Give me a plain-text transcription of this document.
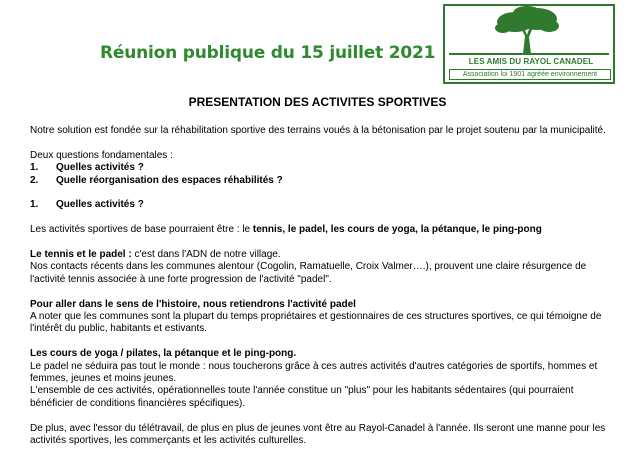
Réunion publique du 15 juillet 2021	LES AMIS DU RAYOL CANADEL
Association loi 1901 agréée environnement
PRESENTATION DES ACTIVITES SPORTIVES

Notre solution est fondée sur la réhabilitation sportive des terrains voués à la bétonisation par le projet soutenu par la municipalité.

Deux questions fondamentales :
1.	Quelles activités ?
2.	Quelle réorganisation des espaces réhabilités ?
1.	Quelles activités ?

Les activités sportives de base pourraient être : le tennis, le padel, les cours de yoga, la pétanque, le ping-pong

Le tennis et le padel : c'est dans l'ADN de notre village.
Nos contacts récents dans les communes alentour (Cogolin, Ramatuelle, Croix Valmer….), prouvent une claire résurgence de l'activité tennis associée à une forte progression de l'activité "padel".

Pour aller dans le sens de l'histoire, nous retiendrons l'activité padel
A noter que les communes sont la plupart du temps propriétaires et gestionnaires de ces structures sportives, ce qui témoigne de l'intérêt du public, habitants et estivants.

Les cours de yoga / pilates, la pétanque et le ping-pong.
Le padel ne séduira pas tout le monde : nous toucherons grâce à ces autres activités d'autres catégories de sportifs, hommes et femmes, jeunes et moins jeunes.
L'ensemble de ces activités, opérationnelles toute l'année constitue un "plus" pour les habitants sédentaires (qui pourraient bénéficier de conditions financières spécifiques).

De plus, avec l'essor du télétravail, de plus en plus de jeunes vont être au Rayol-Canadel à l'année. Ils seront une manne pour les activités sportives, les commerçants et les activités culturelles.
